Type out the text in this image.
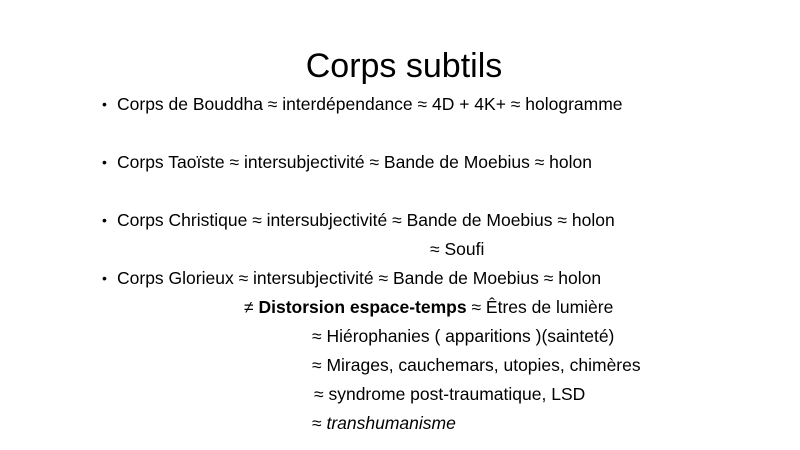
Corps subtils
• Corps de Bouddha ≈ interdépendance ≈ 4D + 4K+ ≈ hologramme
• Corps Taoïste ≈ intersubjectivité ≈ Bande de Moebius ≈ holon
• Corps Christique ≈ intersubjectivité ≈ Bande de Moebius ≈ holon
≈ Soufi
• Corps Glorieux ≈ intersubjectivité ≈ Bande de Moebius ≈ holon
≠ Distorsion espace-temps ≈ Êtres de lumière
≈ Hiérophanies ( apparitions )(sainteté)
≈ Mirages, cauchemars, utopies, chimères
≈ syndrome post-traumatique, LSD
≈ transhumanisme
